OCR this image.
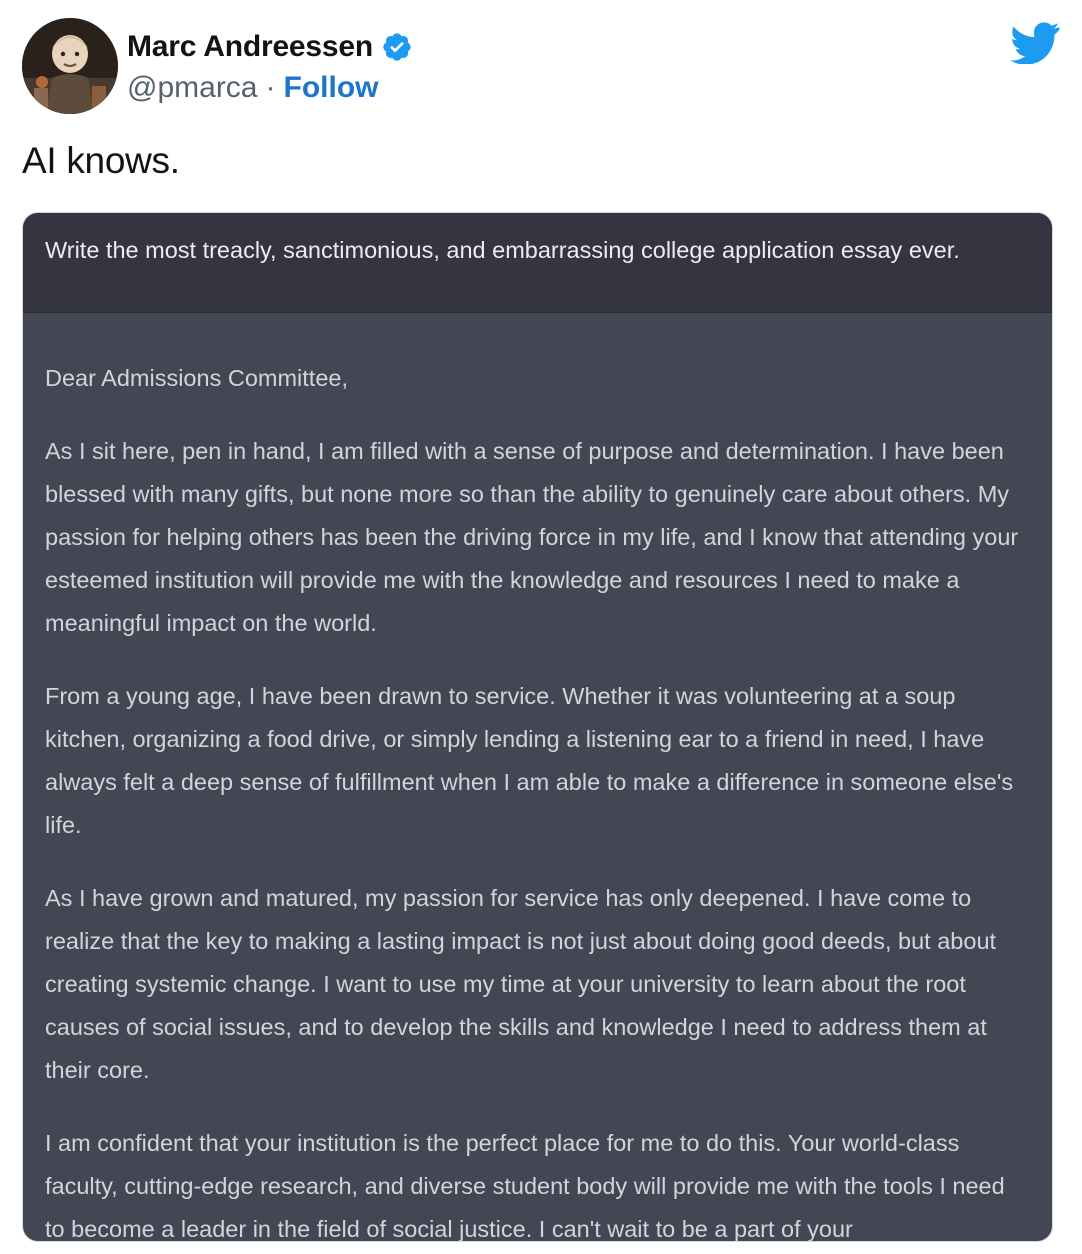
Marc Andreessen
@pmarca · Follow
AI knows.
Write the most treacly, sanctimonious, and embarrassing college application essay ever.

Dear Admissions Committee,

As I sit here, pen in hand, I am filled with a sense of purpose and determination. I have been blessed with many gifts, but none more so than the ability to genuinely care about others. My passion for helping others has been the driving force in my life, and I know that attending your esteemed institution will provide me with the knowledge and resources I need to make a meaningful impact on the world.

From a young age, I have been drawn to service. Whether it was volunteering at a soup kitchen, organizing a food drive, or simply lending a listening ear to a friend in need, I have always felt a deep sense of fulfillment when I am able to make a difference in someone else's life.

As I have grown and matured, my passion for service has only deepened. I have come to realize that the key to making a lasting impact is not just about doing good deeds, but about creating systemic change. I want to use my time at your university to learn about the root causes of social issues, and to develop the skills and knowledge I need to address them at their core.

I am confident that your institution is the perfect place for me to do this. Your world-class faculty, cutting-edge research, and diverse student body will provide me with the tools I need to become a leader in the field of social justice. I can't wait to be a part of your
